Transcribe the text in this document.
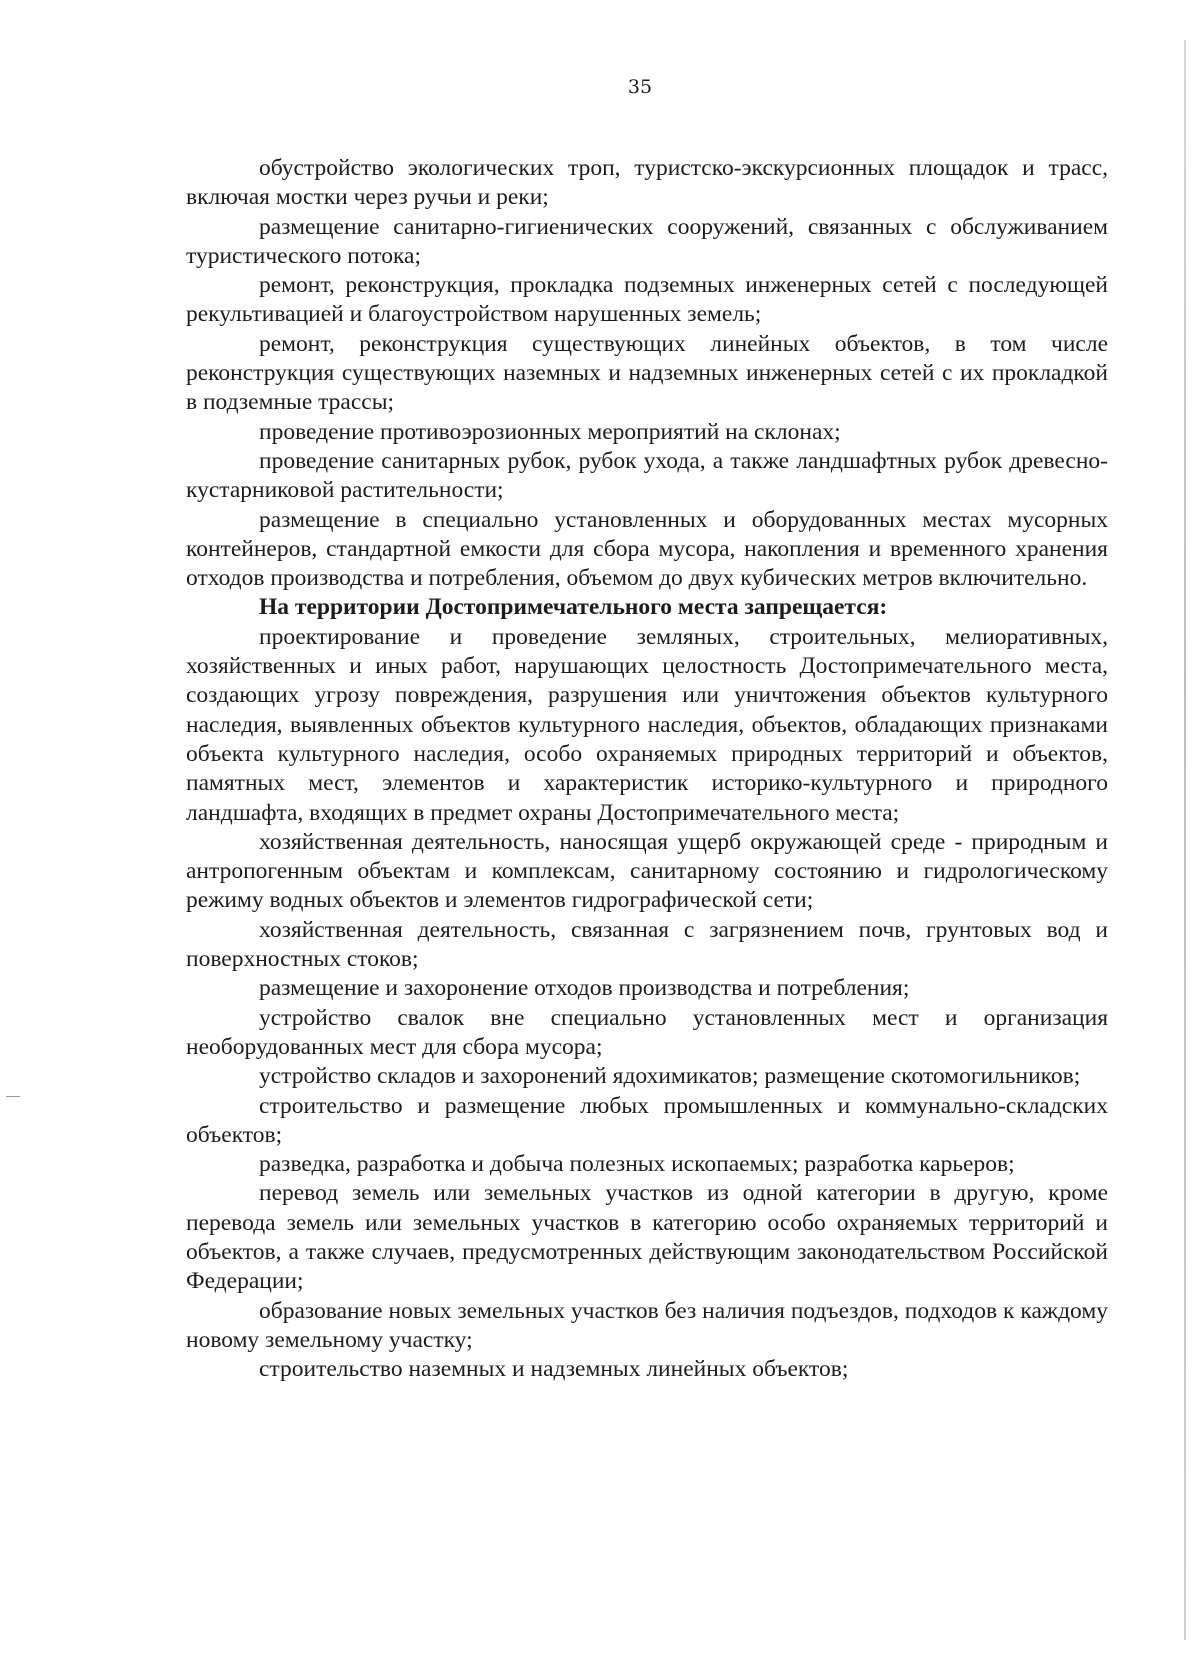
35

обустройство экологических троп, туристско-экскурсионных площадок и трасс, включая мостки через ручьи и реки;

размещение санитарно-гигиенических сооружений, связанных с обслуживанием туристического потока;

ремонт, реконструкция, прокладка подземных инженерных сетей с последующей рекультивацией и благоустройством нарушенных земель;

ремонт, реконструкция существующих линейных объектов, в том числе реконструкция существующих наземных и надземных инженерных сетей с их прокладкой в подземные трассы;

проведение противоэрозионных мероприятий на склонах;

проведение санитарных рубок, рубок ухода, а также ландшафтных рубок древесно-кустарниковой растительности;

размещение в специально установленных и оборудованных местах мусорных контейнеров, стандартной емкости для сбора мусора, накопления и временного хранения отходов производства и потребления, объемом до двух кубических метров включительно.

На территории Достопримечательного места запрещается:

проектирование и проведение земляных, строительных, мелиоративных, хозяйственных и иных работ, нарушающих целостность Достопримечательного места, создающих угрозу повреждения, разрушения или уничтожения объектов культурного наследия, выявленных объектов культурного наследия, объектов, обладающих признаками объекта культурного наследия, особо охраняемых природных территорий и объектов, памятных мест, элементов и характеристик историко-культурного и природного ландшафта, входящих в предмет охраны Достопримечательного места;

хозяйственная деятельность, наносящая ущерб окружающей среде - природным и антропогенным объектам и комплексам, санитарному состоянию и гидрологическому режиму водных объектов и элементов гидрографической сети;

хозяйственная деятельность, связанная с загрязнением почв, грунтовых вод и поверхностных стоков;

размещение и захоронение отходов производства и потребления;

устройство свалок вне специально установленных мест и организация необорудованных мест для сбора мусора;

устройство складов и захоронений ядохимикатов; размещение скотомогильников;

строительство и размещение любых промышленных и коммунально-складских объектов;

разведка, разработка и добыча полезных ископаемых; разработка карьеров;

перевод земель или земельных участков из одной категории в другую, кроме перевода земель или земельных участков в категорию особо охраняемых территорий и объектов, а также случаев, предусмотренных действующим законодательством Российской Федерации;

образование новых земельных участков без наличия подъездов, подходов к каждому новому земельному участку;

строительство наземных и надземных линейных объектов;
